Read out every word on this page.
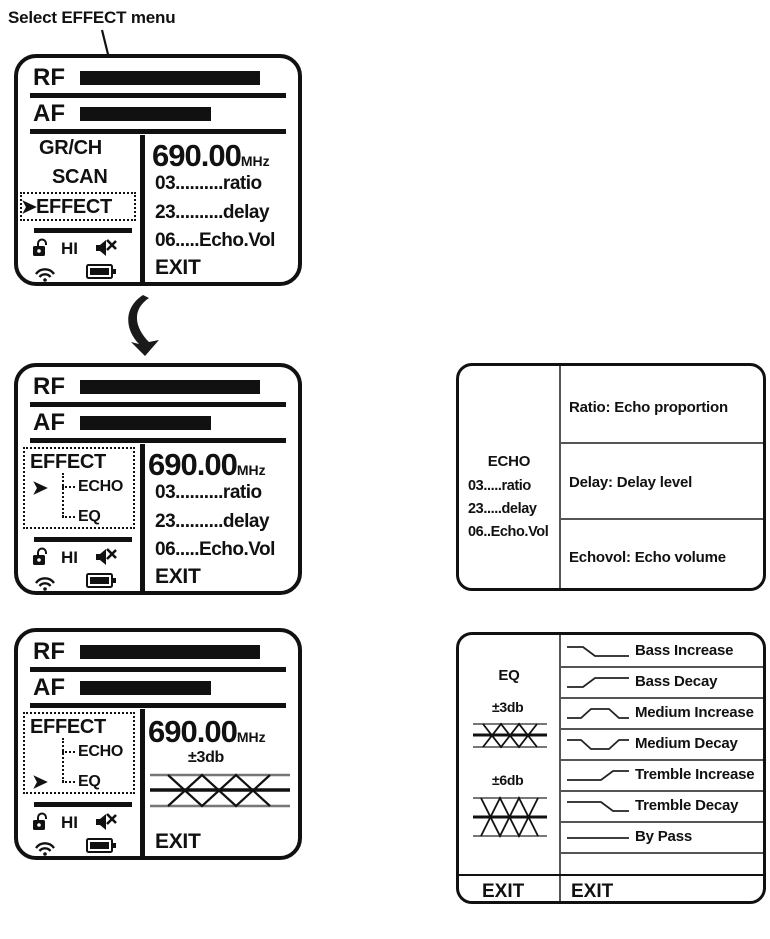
Select EFFECT menu
RF
AF
GR/CH
SCAN
➤ EFFECT
HI
690.00MHz
03..........ratio
23..........delay
06.....Echo.Vol
EXIT
RF
AF
EFFECT
➤ ECHO
EQ
HI
690.00MHz
03..........ratio
23..........delay
06.....Echo.Vol
EXIT
RF
AF
EFFECT
➤
ECHO
EQ
HI
690.00MHz
±3db
EXIT
ECHO
03.....ratio
23.....delay
06..Echo.Vol
Ratio: Echo proportion
Delay: Delay level
Echovol: Echo volume
EQ
±3db
±6db
EXIT
Bass Increase
Bass Decay
Medium Increase
Medium Decay
Tremble Increase
Tremble Decay
By Pass
EXIT
